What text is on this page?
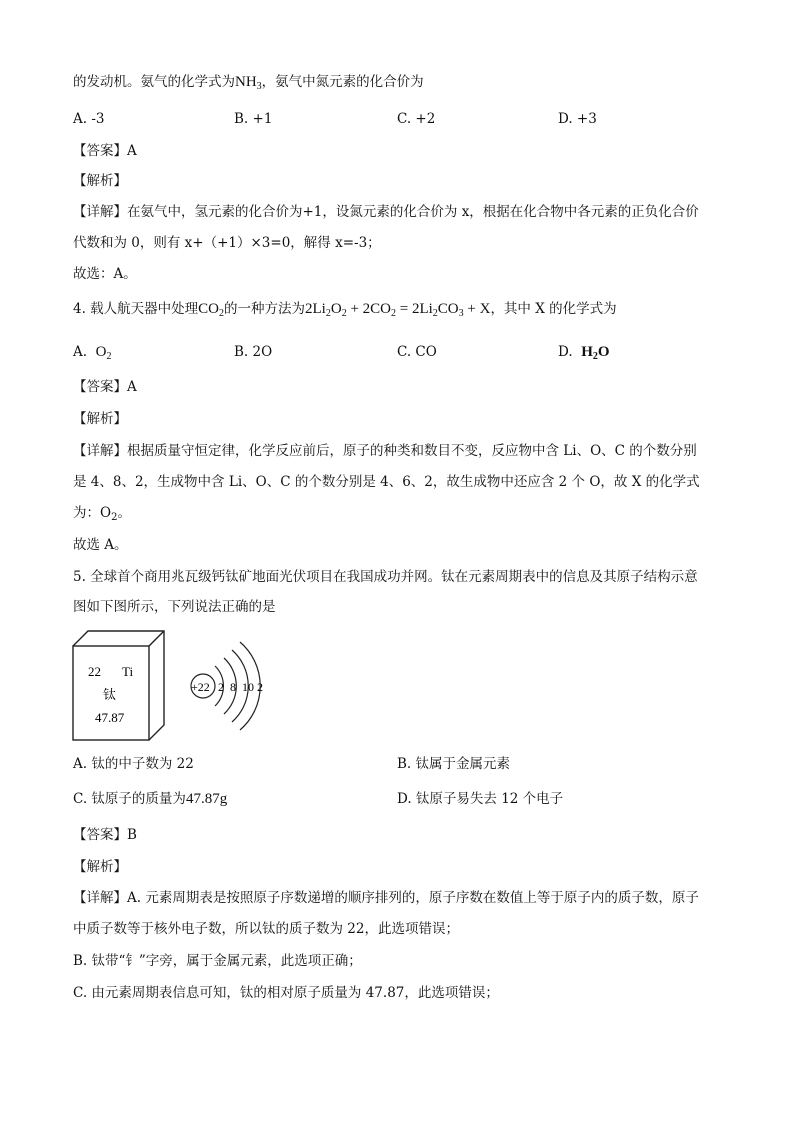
的发动机。氨气的化学式为$NH_3$，氨气中氮元素的化合价为
A. -3	B. +1	C. +2	D. +3
【答案】A
【解析】
【详解】在氨气中，氢元素的化合价为+1，设氮元素的化合价为 x，根据在化合物中各元素的正负化合价
代数和为 0，则有 x+（+1）×3=0，解得 x=-3；
故选：A。
4. 载人航天器中处理$CO_2$的一种方法为$2Li_2O_2 + 2CO_2 = 2Li_2CO_3 + X$，其中 X 的化学式为
A. $O_2$	B. 2O	C. CO	D. $H_2O$
【答案】A
【解析】
【详解】根据质量守恒定律，化学反应前后，原子的种类和数目不变，反应物中含 Li、O、C 的个数分别
是 4、8、2，生成物中含 Li、O、C 的个数分别是 4、6、2，故生成物中还应含 2 个 O，故 X 的化学式
为：$O_2$。
故选 A。
5. 全球首个商用兆瓦级钙钛矿地面光伏项目在我国成功并网。钛在元素周期表中的信息及其原子结构示意
图如下图所示，下列说法正确的是
22 Ti
钛
47.87
+22 2  8  10 2
A. 钛的中子数为 22	B. 钛属于金属元素
C. 钛原子的质量为47.87g	D. 钛原子易失去 12 个电子
【答案】B
【解析】
【详解】A. 元素周期表是按照原子序数递增的顺序排列的，原子序数在数值上等于原子内的质子数，原子
中质子数等于核外电子数，所以钛的质子数为 22，此选项错误；
B. 钛带“钅”字旁，属于金属元素，此选项正确；
C. 由元素周期表信息可知，钛的相对原子质量为 47.87，此选项错误；
